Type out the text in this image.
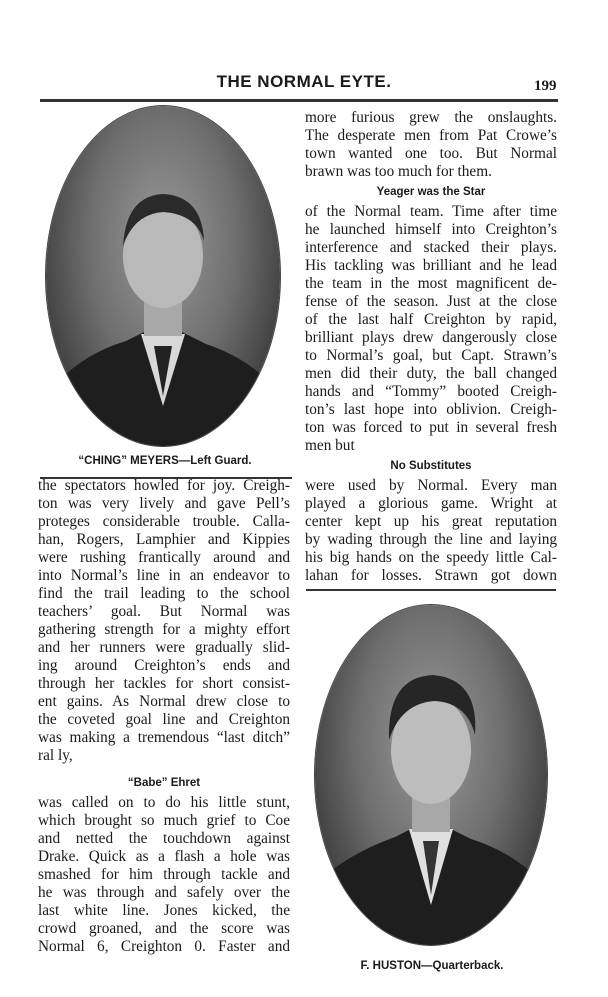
THE NORMAL EYTE.	199
“CHING” MEYERS—Left Guard.
F. HUSTON—Quarterback.
the spectators howled for joy. Creigh-
ton was very lively and gave Pell’s
proteges considerable trouble. Calla-
han, Rogers, Lamphier and Kippies
were rushing frantically around and
into Normal’s line in an endeavor to
find the trail leading to the school
teachers’ goal. But Normal was
gathering strength for a mighty effort
and her runners were gradually slid-
ing around Creighton’s ends and
through her tackles for short consist-
ent gains. As Normal drew close to
the coveted goal line and Creighton
was making a tremendous “last ditch”
ral ly,
“Babe” Ehret
was called on to do his little stunt,
which brought so much grief to Coe
and netted the touchdown against
Drake. Quick as a flash a hole was
smashed for him through tackle and
he was through and safely over the
last white line. Jones kicked, the
crowd groaned, and the score was
Normal 6, Creighton 0. Faster and
more furious grew the onslaughts.
The desperate men from Pat Crowe’s
town wanted one too. But Normal
brawn was too much for them.
Yeager was the Star
of the Normal team. Time after time
he launched himself into Creighton’s
interference and stacked their plays.
His tackling was brilliant and he lead
the team in the most magnificent de-
fense of the season. Just at the close
of the last half Creighton by rapid,
brilliant plays drew dangerously close
to Normal’s goal, but Capt. Strawn’s
men did their duty, the ball changed
hands and “Tommy” booted Creigh-
ton’s last hope into oblivion. Creigh-
ton was forced to put in several fresh
men but
No Substitutes
were used by Normal. Every man
played a glorious game. Wright at
center kept up his great reputation
by wading through the line and laying
his big hands on the speedy little Cal-
lahan for losses. Strawn got down
